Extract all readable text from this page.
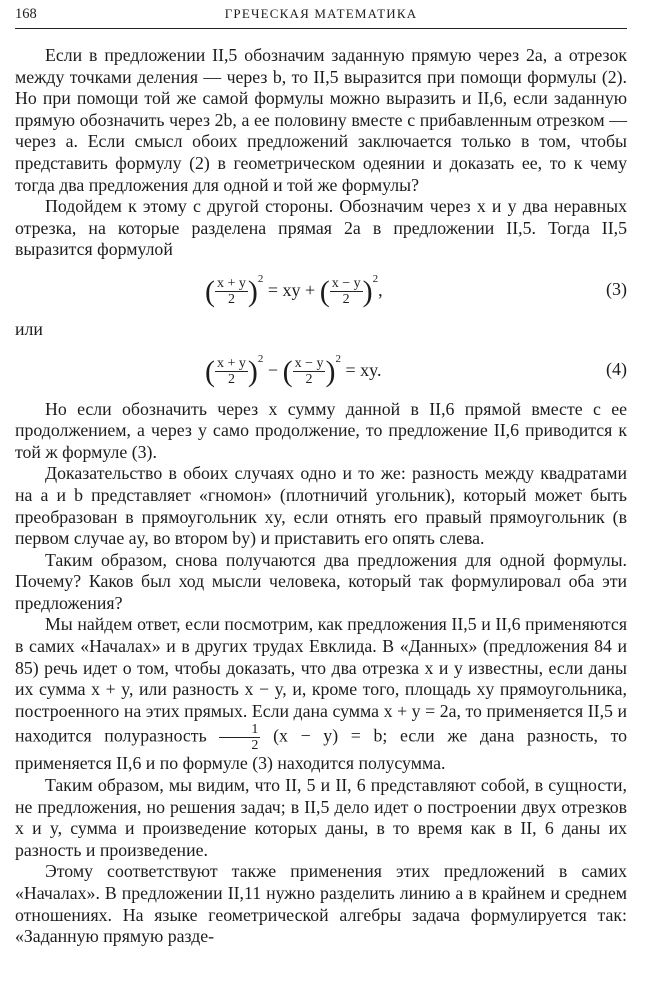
168	ГРЕЧЕСКАЯ МАТЕМАТИКА

Если в предложении II,5 обозначим заданную прямую через 2a, а отрезок между точками деления — через b, то II,5 выразится при помощи формулы (2). Но при помощи той же самой формулы можно выразить и II,6, если заданную прямую обозначить через 2b, а ее половину вместе с прибавленным отрезком — через a. Если смысл обоих предложений заключается только в том, чтобы представить формулу (2) в геометрическом одеянии и доказать ее, то к чему тогда два предложения для одной и той же формулы?

Подойдем к этому с другой стороны. Обозначим через x и y два неравных отрезка, на которые разделена прямая 2a в предложении II,5. Тогда II,5 выразится формулой

( $\frac{x + y}{2} )^2$ = xy + ( $\frac{x - y}{2} )^2$,	(3)

или

( $\frac{x + y}{2} )^2$ − ( $\frac{x - y}{2} )^2$ = xy.	(4)

Но если обозначить через x сумму данной в II,6 прямой вместе с ее продолжением, а через y само продолжение, то предложение II,6 приводится к той ж формуле (3).

Доказательство в обоих случаях одно и то же: разность между квадратами на a и b представляет «гномон» (плотничий угольник), который может быть преобразован в прямоугольник xy, если отнять его правый прямоугольник (в первом случае ay, во втором by) и приставить его опять слева.

Таким образом, снова получаются два предложения для одной формулы. Почему? Каков был ход мысли человека, который так формулировал оба эти предложения?

Мы найдем ответ, если посмотрим, как предложения II,5 и II,6 применяются в самих «Началах» и в других трудах Евклида. В «Данных» (предложения 84 и 85) речь идет о том, чтобы доказать, что два отрезка x и y известны, если даны их сумма x + y, или разность x − y, и, кроме того, площадь xy прямоугольника, построенного на этих прямых. Если дана сумма x + y = 2a, то применяется II,5 и находится полуразность $\frac{1}{2} (x - y) = b$; если же дана разность, то применяется II,6 и по формуле (3) находится полусумма.

Таким образом, мы видим, что II, 5 и II, 6 представляют собой, в сущности, не предложения, но решения задач; в II,5 дело идет о построении двух отрезков x и y, сумма и произведение которых даны, в то время как в II, 6 даны их разность и произведение.

Этому соответствуют также применения этих предложений в самих «Началах». В предложении II,11 нужно разделить линию a в крайнем и среднем отношениях. На языке геометрической алгебры задача формулируется так: «Заданную прямую разде-
